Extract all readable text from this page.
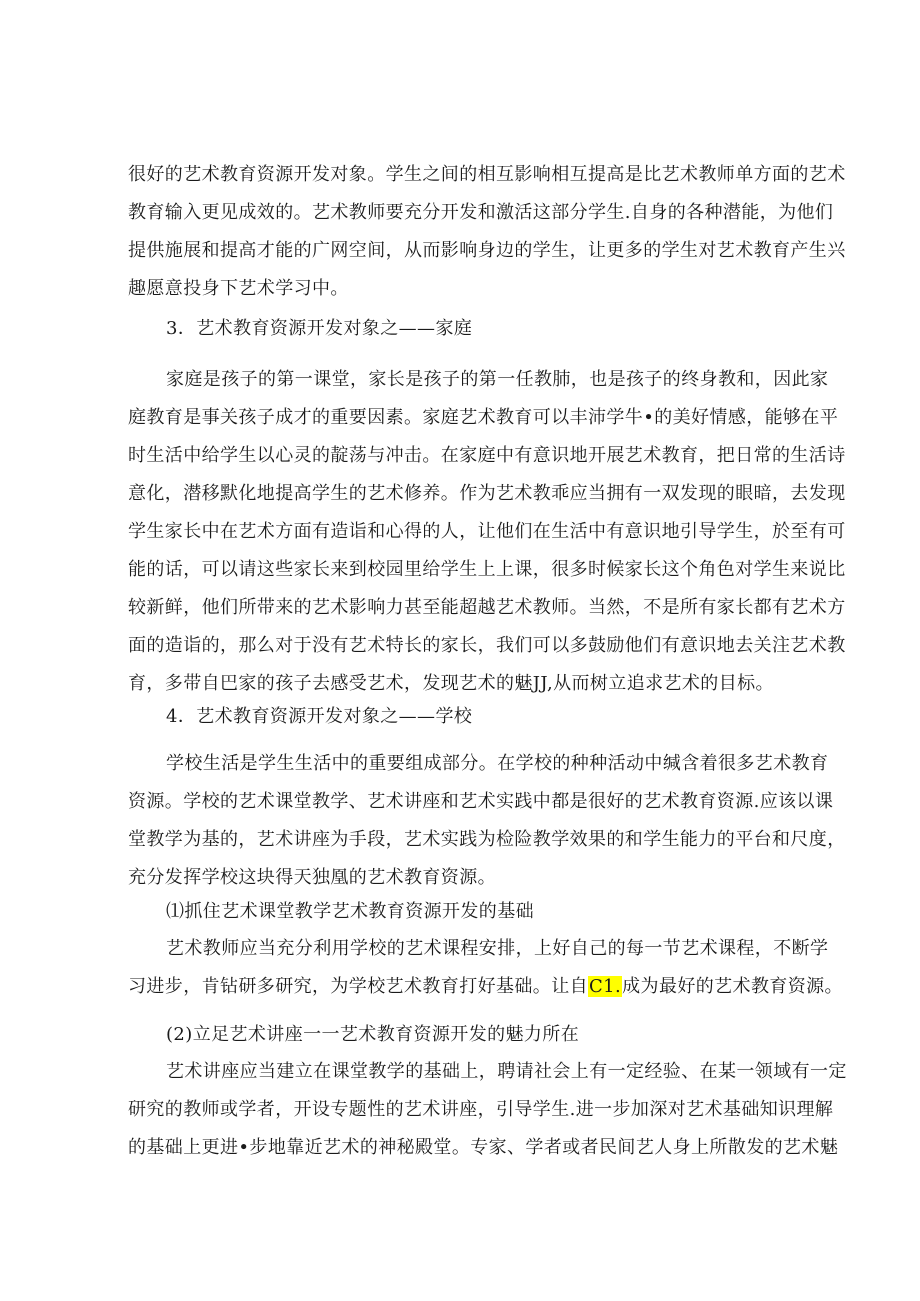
很好的艺术教育资源开发对象。学生之间的相互影响相互提高是比艺术教师单方面的艺术
教育输入更见成效的。艺术教师要充分开发和激活这部分学生.自身的各种潜能，为他们
提供施展和提高才能的广网空间，从而影响身边的学生，让更多的学生对艺术教育产生兴
趣愿意投身下艺术学习中。
3．艺术教育资源开发对象之——家庭
家庭是孩子的第一课堂，家长是孩子的第一任教肺，也是孩子的终身教和，因此家
庭教育是事关孩子成才的重要因素。家庭艺术教育可以丰沛学牛•的美好情感，能够在平
时生活中给学生以心灵的靛荡与冲击。在家庭中有意识地开展艺术教育，把日常的生活诗
意化，潜移默化地提高学生的艺术修养。作为艺术教乖应当拥有一双发现的眼暗，去发现
学生家长中在艺术方面有造诣和心得的人，让他们在生活中有意识地引导学生，於至有可
能的话，可以请这些家长来到校园里给学生上上课，很多时候家长这个角色对学生来说比
较新鲜，他们所带来的艺术影响力甚至能超越艺术教师。当然，不是所有家长都有艺术方
面的造诣的，那么对于没有艺术特长的家长，我们可以多鼓励他们有意识地去关注艺术教
育，多带自巴家的孩子去感受艺术，发现艺术的魅JJ,从而树立追求艺术的目标。
4．艺术教育资源开发对象之——学校
学校生活是学生生活中的重要组成部分。在学校的种种活动中缄含着很多艺术教育
资源。学校的艺术课堂教学、艺术讲座和艺术实践中都是很好的艺术教育资源.应该以课
堂教学为基的，艺术讲座为手段，艺术实践为检险教学效果的和学生能力的平台和尺度，
充分发挥学校这块得天独凰的艺术教育资源。
⑴抓住艺术课堂教学艺术教育资源开发的基础
艺术教师应当充分利用学校的艺术课程安排，上好自己的每一节艺术课程，不断学
习进步，肯钻研多研究，为学校艺术教育打好基础。让自C1.成为最好的艺术教育资源。
(2)立足艺术讲座一一艺术教育资源开发的魅力所在
艺术讲座应当建立在课堂教学的基础上，聘请社会上有一定经验、在某一领域有一定
研究的教师或学者，开设专题性的艺术讲座，引导学生.进一步加深对艺术基础知识理解
的基础上更进•步地靠近艺术的神秘殿堂。专家、学者或者民间艺人身上所散发的艺术魅
